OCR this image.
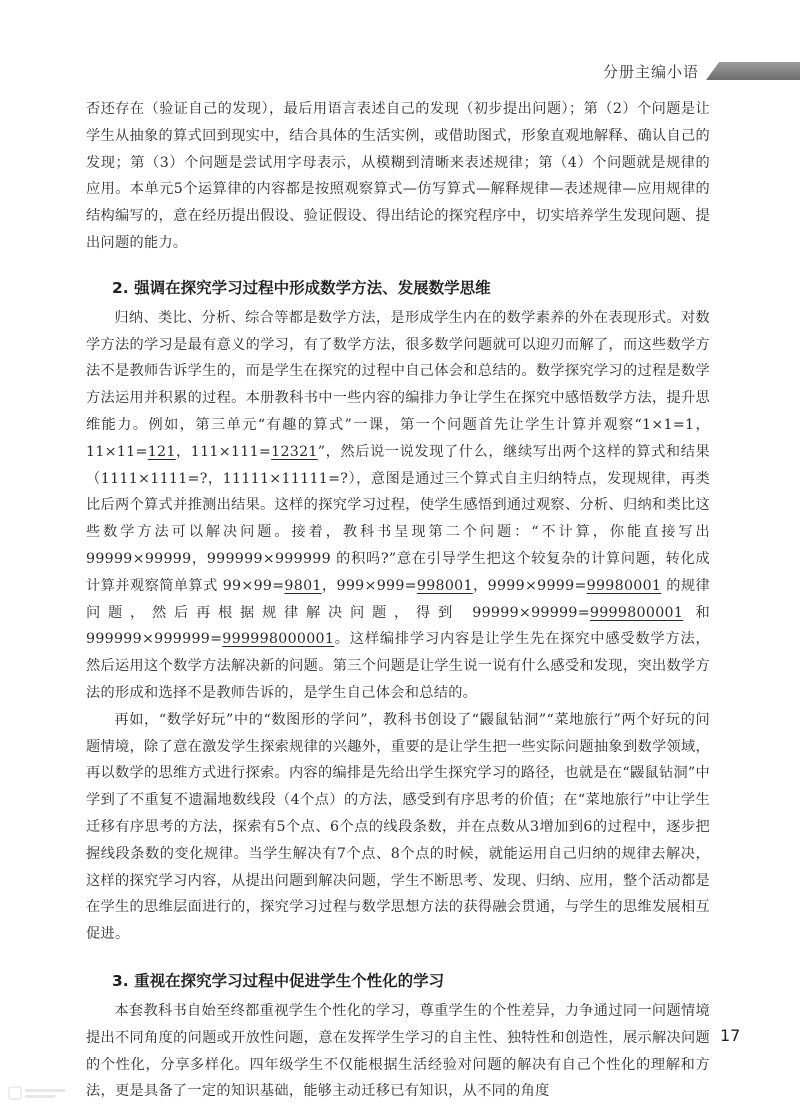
分册主编小语

否还存在（验证自己的发现），最后用语言表述自己的发现（初步提出问题）；第（2）个问题是让学生从抽象的算式回到现实中，结合具体的生活实例，或借助图式，形象直观地解释、确认自己的发现；第（3）个问题是尝试用字母表示，从模糊到清晰来表述规律；第（4）个问题就是规律的应用。本单元5个运算律的内容都是按照观察算式—仿写算式—解释规律—表述规律—应用规律的结构编写的，意在经历提出假设、验证假设、得出结论的探究程序中，切实培养学生发现问题、提出问题的能力。

2. 强调在探究学习过程中形成数学方法、发展数学思维

归纳、类比、分析、综合等都是数学方法，是形成学生内在的数学素养的外在表现形式。对数学方法的学习是最有意义的学习，有了数学方法，很多数学问题就可以迎刃而解了，而这些数学方法不是教师告诉学生的，而是学生在探究的过程中自己体会和总结的。数学探究学习的过程是数学方法运用并积累的过程。本册教科书中一些内容的编排力争让学生在探究中感悟数学方法，提升思维能力。例如，第三单元“有趣的算式”一课，第一个问题首先让学生计算并观察“1×1=1，11×11=121，111×111=12321”，然后说一说发现了什么，继续写出两个这样的算式和结果（1111×1111=?，11111×11111=?），意图是通过三个算式自主归纳特点，发现规律，再类比后两个算式并推测出结果。这样的探究学习过程，使学生感悟到通过观察、分析、归纳和类比这些数学方法可以解决问题。接着，教科书呈现第二个问题：“不计算，你能直接写出 99999×99999，999999×999999 的积吗?”意在引导学生把这个较复杂的计算问题，转化成计算并观察简单算式 99×99=9801，999×999=998001，9999×9999=99980001 的规律问题，然后再根据规律解决问题，得到 99999×99999=9999800001 和 999999×999999=999998000001。这样编排学习内容是让学生先在探究中感受数学方法，然后运用这个数学方法解决新的问题。第三个问题是让学生说一说有什么感受和发现，突出数学方法的形成和选择不是教师告诉的，是学生自己体会和总结的。

再如，“数学好玩”中的“数图形的学问”，教科书创设了“鼹鼠钻洞”“菜地旅行”两个好玩的问题情境，除了意在激发学生探索规律的兴趣外，重要的是让学生把一些实际问题抽象到数学领域，再以数学的思维方式进行探索。内容的编排是先给出学生探究学习的路径，也就是在“鼹鼠钻洞”中学到了不重复不遗漏地数线段（4个点）的方法，感受到有序思考的价值；在“菜地旅行”中让学生迁移有序思考的方法，探索有5个点、6个点的线段条数，并在点数从3增加到6的过程中，逐步把握线段条数的变化规律。当学生解决有7个点、8个点的时候，就能运用自己归纳的规律去解决，这样的探究学习内容，从提出问题到解决问题，学生不断思考、发现、归纳、应用，整个活动都是在学生的思维层面进行的，探究学习过程与数学思想方法的获得融会贯通，与学生的思维发展相互促进。

3. 重视在探究学习过程中促进学生个性化的学习

本套教科书自始至终都重视学生个性化的学习，尊重学生的个性差异，力争通过同一问题情境提出不同角度的问题或开放性问题，意在发挥学生学习的自主性、独特性和创造性，展示解决问题的个性化，分享多样化。四年级学生不仅能根据生活经验对问题的解决有自己个性化的理解和方法，更是具备了一定的知识基础，能够主动迁移已有知识，从不同的角度

17
